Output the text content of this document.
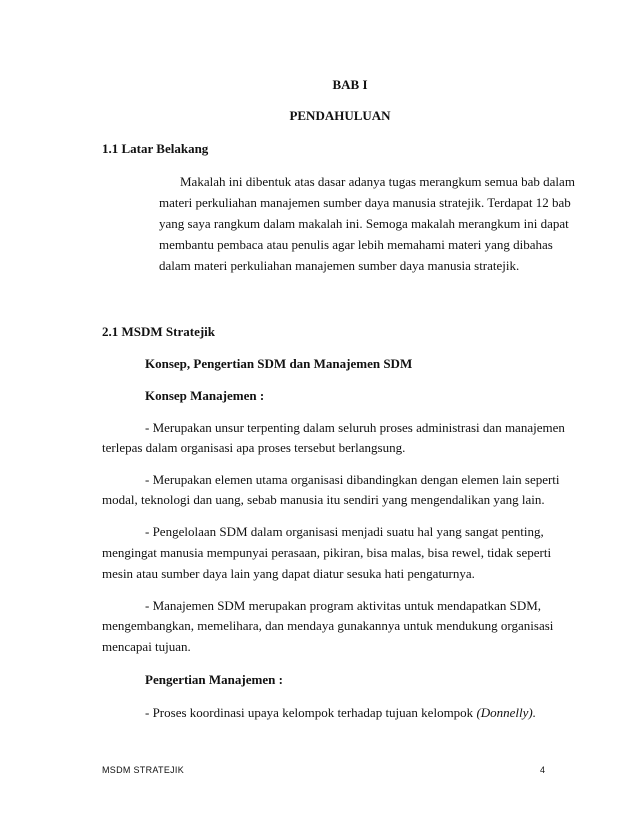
BAB I
PENDAHULUAN
1.1 Latar Belakang
Makalah ini dibentuk atas dasar adanya tugas merangkum semua bab dalam
materi perkuliahan manajemen sumber daya manusia stratejik. Terdapat 12 bab
yang saya rangkum dalam makalah ini. Semoga makalah merangkum ini dapat
membantu pembaca atau penulis agar lebih memahami materi yang dibahas
dalam materi perkuliahan manajemen sumber daya manusia stratejik.
2.1 MSDM Stratejik
Konsep, Pengertian SDM dan Manajemen SDM
Konsep Manajemen :
- Merupakan unsur terpenting dalam seluruh proses administrasi dan manajemen
terlepas dalam organisasi apa proses tersebut berlangsung.
- Merupakan elemen utama organisasi dibandingkan dengan elemen lain seperti
modal, teknologi dan uang, sebab manusia itu sendiri yang mengendalikan yang lain.
- Pengelolaan SDM dalam organisasi menjadi suatu hal yang sangat penting,
mengingat manusia mempunyai perasaan, pikiran, bisa malas, bisa rewel, tidak seperti
mesin atau sumber daya lain yang dapat diatur sesuka hati pengaturnya.
- Manajemen SDM merupakan program aktivitas untuk mendapatkan SDM,
mengembangkan, memelihara, dan mendaya gunakannya untuk mendukung organisasi
mencapai tujuan.
Pengertian Manajemen :
- Proses koordinasi upaya kelompok terhadap tujuan kelompok (Donnelly).
MSDM STRATEJIK	4
